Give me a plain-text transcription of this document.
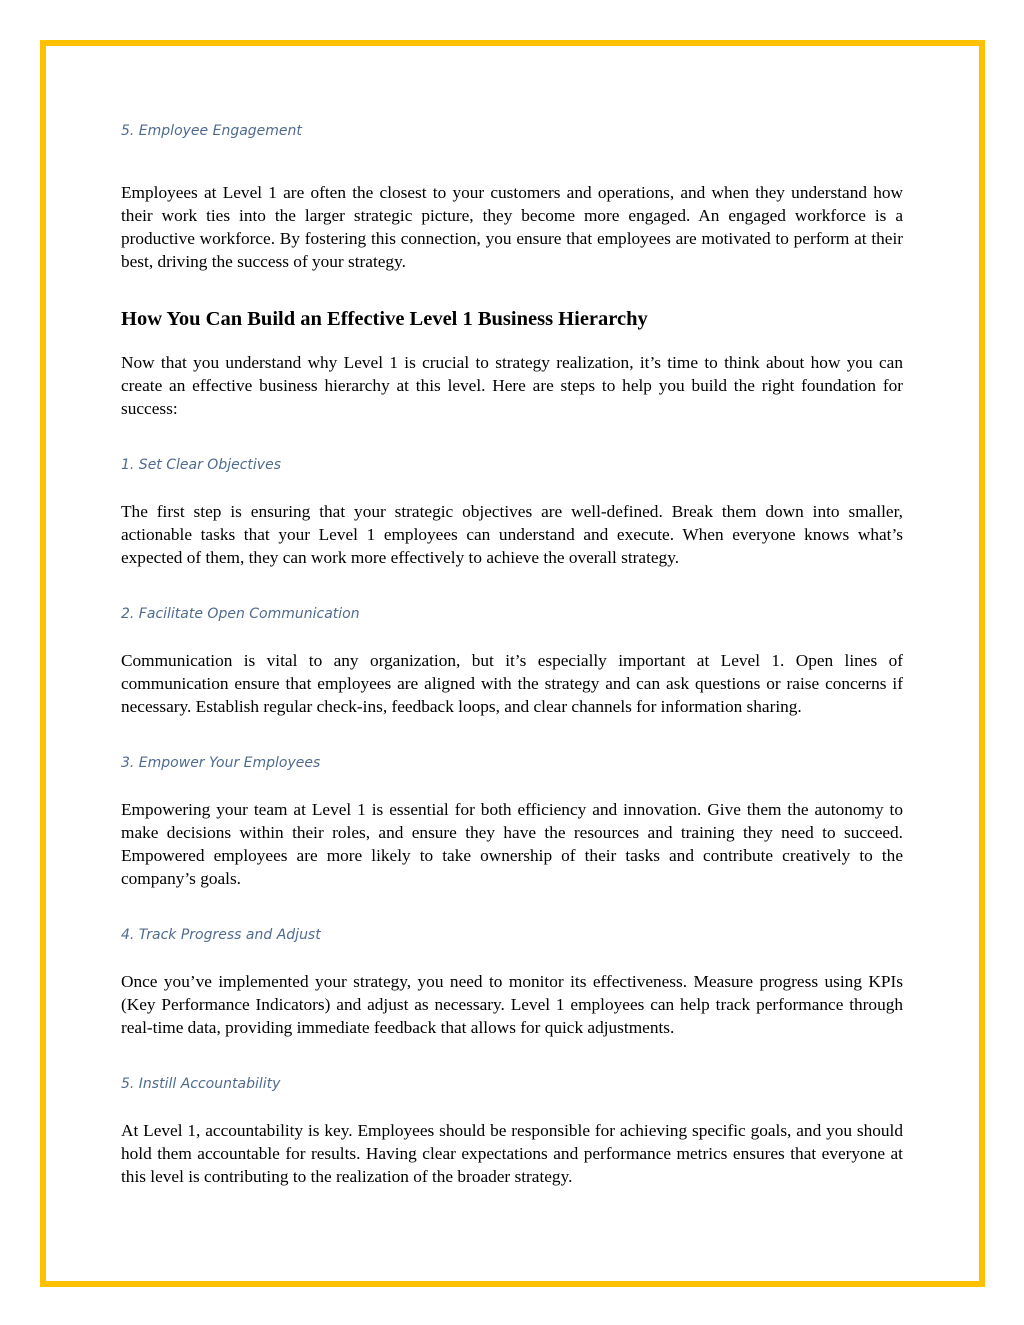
5. Employee Engagement

Employees at Level 1 are often the closest to your customers and operations, and when they understand how their work ties into the larger strategic picture, they become more engaged. An engaged workforce is a productive workforce. By fostering this connection, you ensure that employees are motivated to perform at their best, driving the success of your strategy.

How You Can Build an Effective Level 1 Business Hierarchy

Now that you understand why Level 1 is crucial to strategy realization, it’s time to think about how you can create an effective business hierarchy at this level. Here are steps to help you build the right foundation for success:

1. Set Clear Objectives

The first step is ensuring that your strategic objectives are well-defined. Break them down into smaller, actionable tasks that your Level 1 employees can understand and execute. When everyone knows what’s expected of them, they can work more effectively to achieve the overall strategy.

2. Facilitate Open Communication

Communication is vital to any organization, but it’s especially important at Level 1. Open lines of communication ensure that employees are aligned with the strategy and can ask questions or raise concerns if necessary. Establish regular check-ins, feedback loops, and clear channels for information sharing.

3. Empower Your Employees

Empowering your team at Level 1 is essential for both efficiency and innovation. Give them the autonomy to make decisions within their roles, and ensure they have the resources and training they need to succeed. Empowered employees are more likely to take ownership of their tasks and contribute creatively to the company’s goals.

4. Track Progress and Adjust

Once you’ve implemented your strategy, you need to monitor its effectiveness. Measure progress using KPIs (Key Performance Indicators) and adjust as necessary. Level 1 employees can help track performance through real-time data, providing immediate feedback that allows for quick adjustments.

5. Instill Accountability

At Level 1, accountability is key. Employees should be responsible for achieving specific goals, and you should hold them accountable for results. Having clear expectations and performance metrics ensures that everyone at this level is contributing to the realization of the broader strategy.
